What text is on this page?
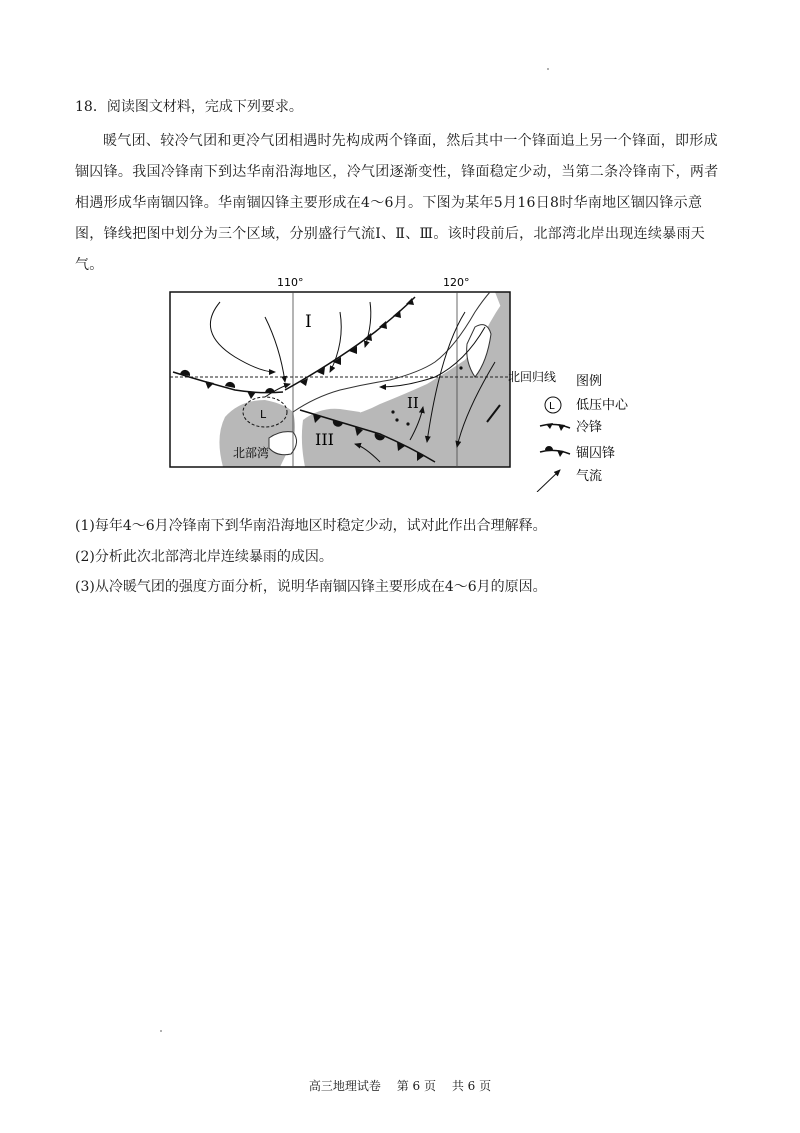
18．阅读图文材料，完成下列要求。
暖气团、较冷气团和更冷气团相遇时先构成两个锋面，然后其中一个锋面追上另一个锋面，即形成锢囚锋。我国冷锋南下到达华南沿海地区，冷气团逐渐变性，锋面稳定少动，当第二条冷锋南下，两者相遇形成华南锢囚锋。华南锢囚锋主要形成在4～6月。下图为某年5月16日8时华南地区锢囚锋示意图，锋线把图中划分为三个区域，分别盛行气流Ⅰ、Ⅱ、Ⅲ。该时段前后，北部湾北岸出现连续暴雨天气。
110°	120°
北回归线
L
I
II
III
北部湾
图例
L 低压中心
冷锋
锢囚锋
气流
(1)每年4～6月冷锋南下到华南沿海地区时稳定少动，试对此作出合理解释。
(2)分析此次北部湾北岸连续暴雨的成因。
(3)从冷暖气团的强度方面分析，说明华南锢囚锋主要形成在4～6月的原因。
高三地理试卷 第 6 页 共 6 页
